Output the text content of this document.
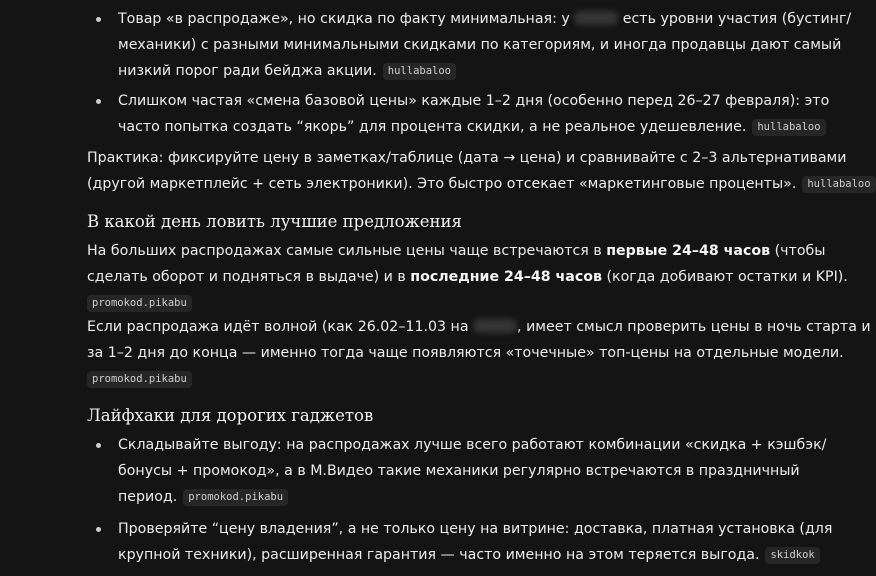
Товар «в распродаже», но скидка по факту минимальная: у	есть уровни участия (бустинг/
механики) с разными минимальными скидками по категориям, и иногда продавцы дают самый
низкий порог ради бейджа акции. hullabaloo
Слишком частая «смена базовой цены» каждые 1–2 дня (особенно перед 26–27 февраля): это
часто попытка создать “якорь” для процента скидки, а не реальное удешевление. hullabaloo
Практика: фиксируйте цену в заметках/таблице (дата → цена) и сравнивайте с 2–3 альтернативами
(другой маркетплейс + сеть электроники). Это быстро отсекает «маркетинговые проценты». hullabaloo
В какой день ловить лучшие предложения
На больших распродажах самые сильные цены чаще встречаются в первые 24–48 часов (чтобы
сделать оборот и подняться в выдаче) и в последние 24–48 часов (когда добивают остатки и KPI).
promokod.pikabu
Если распродажа идёт волной (как 26.02–11.03 на	, имеет смысл проверить цены в ночь старта и
за 1–2 дня до конца — именно тогда чаще появляются «точечные» топ-цены на отдельные модели.
promokod.pikabu
Лайфхаки для дорогих гаджетов
Складывайте выгоду: на распродажах лучше всего работают комбинации «скидка + кэшбэк/
бонусы + промокод», а в М.Видео такие механики регулярно встречаются в праздничный
период. promokod.pikabu
Проверяйте “цену владения”, а не только цену на витрине: доставка, платная установка (для
крупной техники), расширенная гарантия — часто именно на этом теряется выгода. skidkok
